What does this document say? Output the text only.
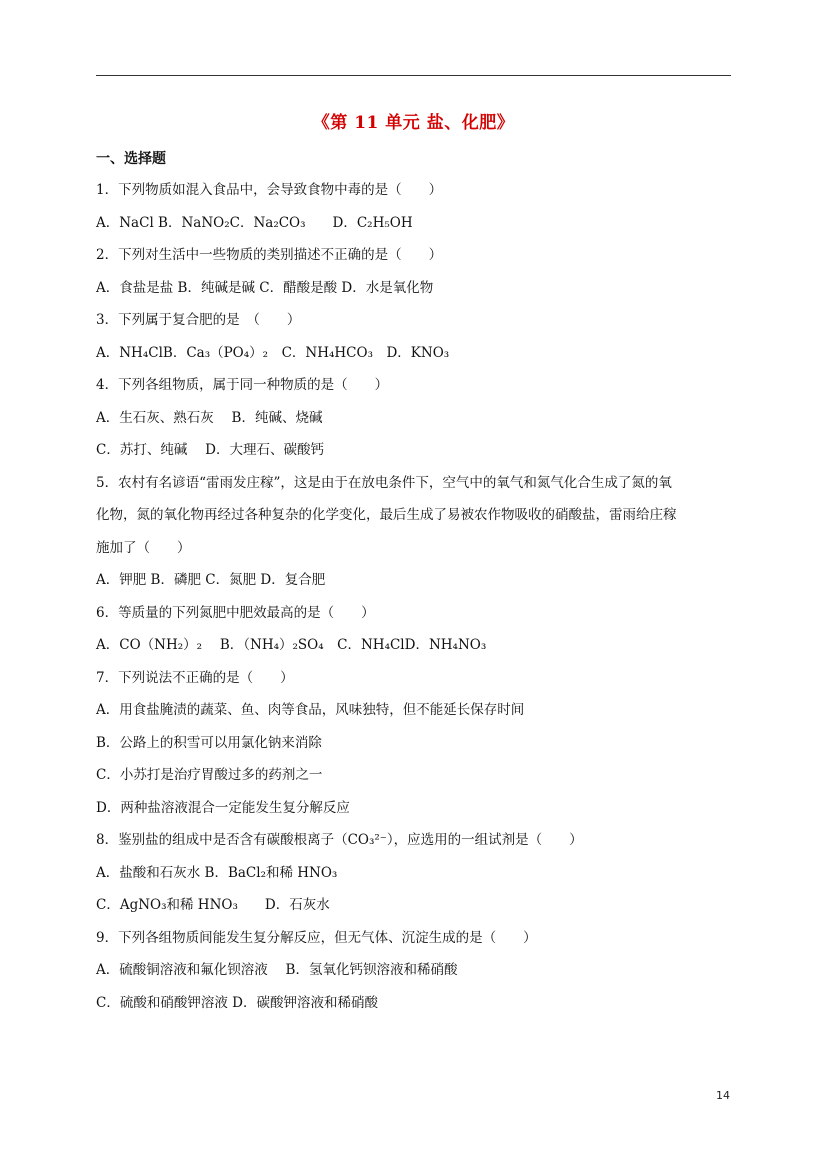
《第 11 单元 盐、化肥》
一、选择题
1．下列物质如混入食品中，会导致食物中毒的是（　　）
A．NaCl B．NaNO₂C．Na₂CO₃　　D．C₂H₅OH
2．下列对生活中一些物质的类别描述不正确的是（　　）
A．食盐是盐 B．纯碱是碱 C．醋酸是酸 D．水是氧化物
3．下列属于复合肥的是　（　　）
A．NH₄ClB．Ca₃（PO₄）₂　C．NH₄HCO₃　D．KNO₃
4．下列各组物质，属于同一种物质的是（　　）
A．生石灰、熟石灰　 B．纯碱、烧碱
C．苏打、纯碱　 D．大理石、碳酸钙
5．农村有名谚语“雷雨发庄稼”，这是由于在放电条件下，空气中的氧气和氮气化合生成了氮的氧
化物，氮的氧化物再经过各种复杂的化学变化，最后生成了易被农作物吸收的硝酸盐，雷雨给庄稼
施加了（　　）
A．钾肥 B．磷肥 C．氮肥 D．复合肥
6．等质量的下列氮肥中肥效最高的是（　　）
A．CO（NH₂）₂　 B．（NH₄）₂SO₄　C．NH₄ClD．NH₄NO₃
7．下列说法不正确的是（　　）
A．用食盐腌渍的蔬菜、鱼、肉等食品，风味独特，但不能延长保存时间
B．公路上的积雪可以用氯化钠来消除
C．小苏打是治疗胃酸过多的药剂之一
D．两种盐溶液混合一定能发生复分解反应
8．鉴别盐的组成中是否含有碳酸根离子（CO₃²⁻），应选用的一组试剂是（　　）
A．盐酸和石灰水 B．BaCl₂和稀 HNO₃
C．AgNO₃和稀 HNO₃　　D．石灰水
9．下列各组物质间能发生复分解反应，但无气体、沉淀生成的是（　　）
A．硫酸铜溶液和氟化钡溶液　 B．氢氧化钙钡溶液和稀硝酸
C．硫酸和硝酸钾溶液 D．碳酸钾溶液和稀硝酸
14
